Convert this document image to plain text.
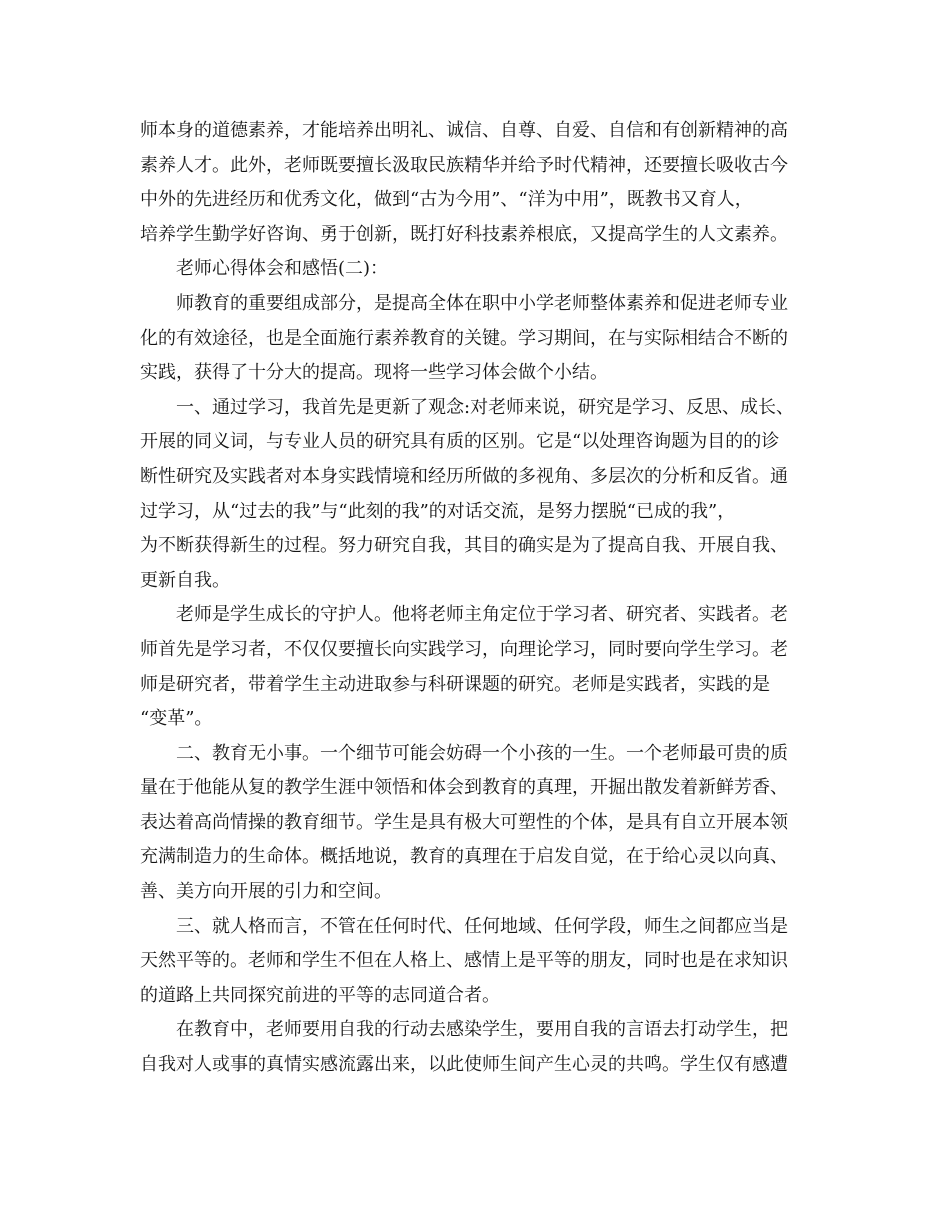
师本身的道德素养，才能培养出明礼、诚信、自尊、自爱、自信和有创新精神的高
素养人才。此外，老师既要擅长汲取民族精华并给予时代精神，还要擅长吸收古今
中外的先进经历和优秀文化，做到“古为今用”、“洋为中用”，既教书又育人，
培养学生勤学好咨询、勇于创新，既打好科技素养根底，又提高学生的人文素养。
老师心得体会和感悟(二)：
师教育的重要组成部分，是提高全体在职中小学老师整体素养和促进老师专业
化的有效途径，也是全面施行素养教育的关键。学习期间，在与实际相结合不断的
实践，获得了十分大的提高。现将一些学习体会做个小结。
一、通过学习，我首先是更新了观念:对老师来说，研究是学习、反思、成长、
开展的同义词，与专业人员的研究具有质的区别。它是“以处理咨询题为目的的诊
断性研究及实践者对本身实践情境和经历所做的多视角、多层次的分析和反省。通
过学习，从“过去的我”与“此刻的我”的对话交流，是努力摆脱“已成的我”，
为不断获得新生的过程。努力研究自我，其目的确实是为了提高自我、开展自我、
更新自我。
老师是学生成长的守护人。他将老师主角定位于学习者、研究者、实践者。老
师首先是学习者，不仅仅要擅长向实践学习，向理论学习，同时要向学生学习。老
师是研究者，带着学生主动进取参与科研课题的研究。老师是实践者，实践的是
“变革”。
二、教育无小事。一个细节可能会妨碍一个小孩的一生。一个老师最可贵的质
量在于他能从复的教学生涯中领悟和体会到教育的真理，开掘出散发着新鲜芳香、
表达着高尚情操的教育细节。学生是具有极大可塑性的个体，是具有自立开展本领
充满制造力的生命体。概括地说，教育的真理在于启发自觉，在于给心灵以向真、
善、美方向开展的引力和空间。
三、就人格而言，不管在任何时代、任何地域、任何学段，师生之间都应当是
天然平等的。老师和学生不但在人格上、感情上是平等的朋友，同时也是在求知识
的道路上共同探究前进的平等的志同道合者。
在教育中，老师要用自我的行动去感染学生，要用自我的言语去打动学生，把
自我对人或事的真情实感流露出来，以此使师生间产生心灵的共鸣。学生仅有感遭
